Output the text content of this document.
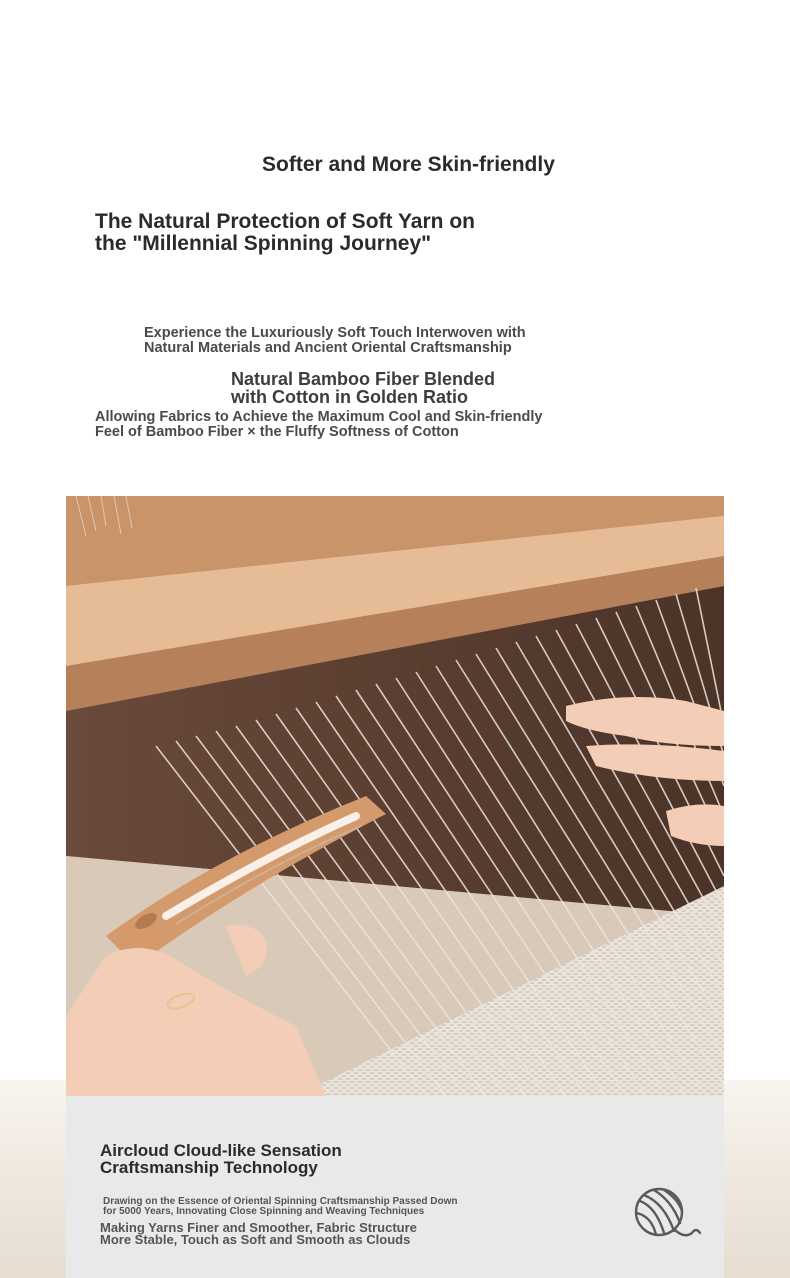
Softer and More Skin-friendly
The Natural Protection of Soft Yarn on
the "Millennial Spinning Journey"

Experience the Luxuriously Soft Touch Interwoven with
Natural Materials and Ancient Oriental Craftsmanship

Natural Bamboo Fiber Blended
with Cotton in Golden Ratio

Allowing Fabrics to Achieve the Maximum Cool and Skin-friendly
Feel of Bamboo Fiber × the Fluffy Softness of Cotton

Aircloud Cloud-like Sensation
Craftsmanship Technology

Drawing on the Essence of Oriental Spinning Craftsmanship Passed Down
for 5000 Years, Innovating Close Spinning and Weaving Techniques

Making Yarns Finer and Smoother, Fabric Structure
More Stable, Touch as Soft and Smooth as Clouds
